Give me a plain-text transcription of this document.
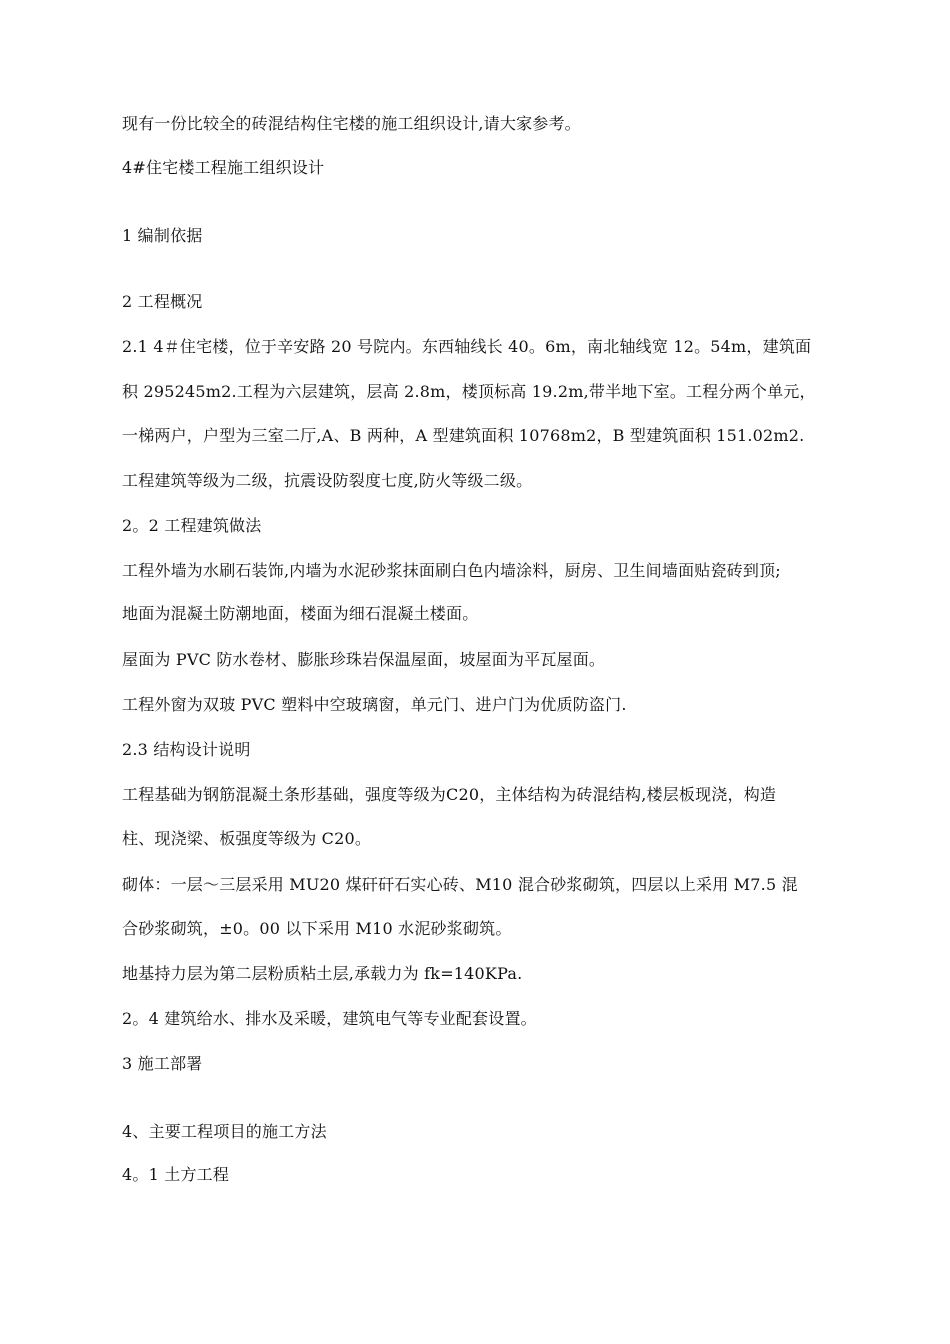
现有一份比较全的砖混结构住宅楼的施工组织设计,请大家参考。
4#住宅楼工程施工组织设计
1 编制依据
2 工程概况
2.1 4＃住宅楼，位于辛安路 20 号院内。东西轴线长 40。6m，南北轴线宽 12。54m，建筑面
积 295245m2.工程为六层建筑，层高 2.8m，楼顶标高 19.2m,带半地下室。工程分两个单元，
一梯两户，户型为三室二厅,A、B 两种，A 型建筑面积 10768m2，B 型建筑面积 151.02m2.
工程建筑等级为二级，抗震设防裂度七度,防火等级二级。
2。2 工程建筑做法
工程外墙为水刷石装饰,内墙为水泥砂浆抹面刷白色内墙涂料，厨房、卫生间墙面贴瓷砖到顶;
地面为混凝土防潮地面，楼面为细石混凝土楼面。
屋面为 PVC 防水卷材、膨胀珍珠岩保温屋面，坡屋面为平瓦屋面。
工程外窗为双玻 PVC 塑料中空玻璃窗，单元门、进户门为优质防盗门.
2.3 结构设计说明
工程基础为钢筋混凝土条形基础，强度等级为C20，主体结构为砖混结构,楼层板现浇，构造
柱、现浇梁、板强度等级为 C20。
砌体：一层～三层采用 MU20 煤矸矸石实心砖、M10 混合砂浆砌筑，四层以上采用 M7.5 混
合砂浆砌筑，±0。00 以下采用 M10 水泥砂浆砌筑。
地基持力层为第二层粉质粘土层,承载力为 fk=140KPa.
2。4 建筑给水、排水及采暖，建筑电气等专业配套设置。
3 施工部署
4、主要工程项目的施工方法
4。1 土方工程
